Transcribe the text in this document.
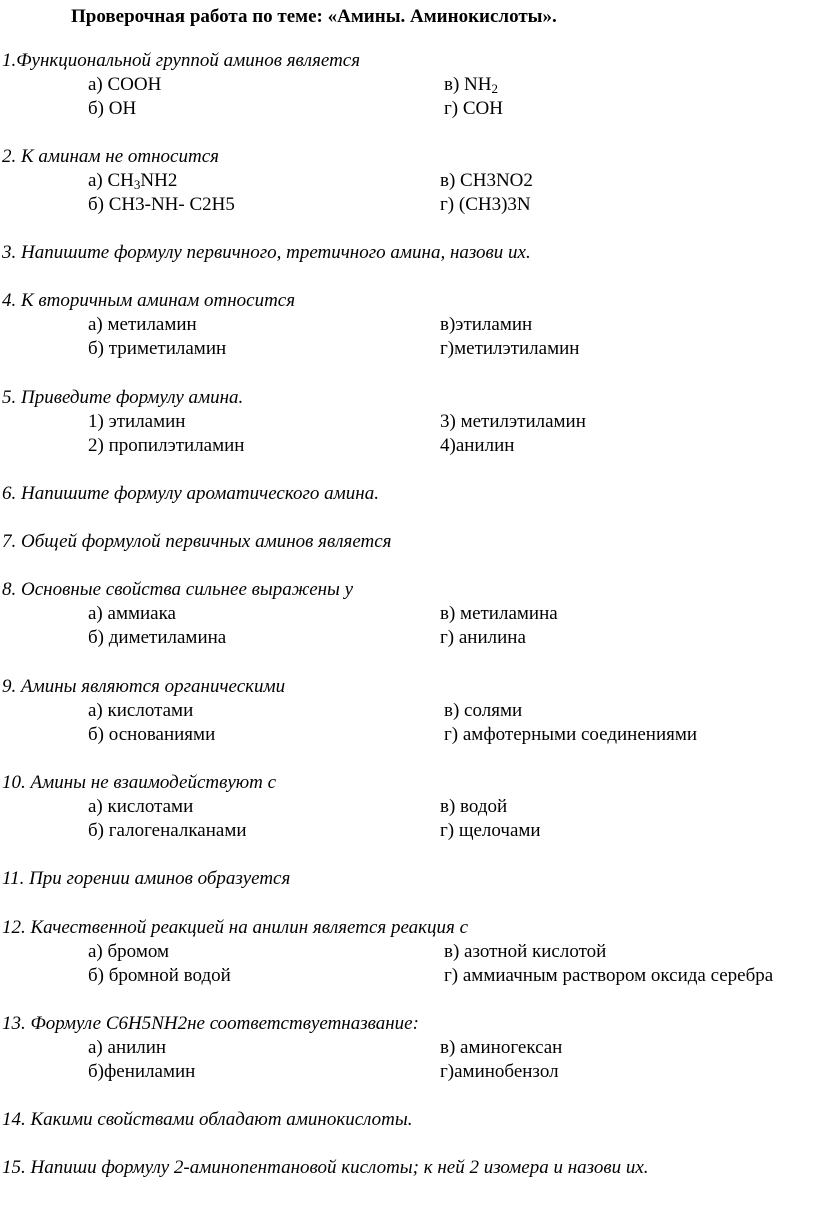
Проверочная работа по теме: «Амины. Аминокислоты».
1.Функциональной группой аминов является
а) COOH	в) $NH_2$
б) OH	г) COH
2. К аминам не относится
а) $CH_3NH2$	в) CH3NO2
б) CH3-NH- C2H5	г) (CH3)3N
3. Напишите формулу первичного, третичного амина, назови их.
4. К вторичным аминам относится
а) метиламин	в)этиламин
б) триметиламин	г)метилэтиламин
5. Приведите формулу амина.
1) этиламин	3) метилэтиламин
2) пропилэтиламин	4)анилин
6. Напишите формулу ароматического амина.
7. Общей формулой первичных аминов является
8. Основные свойства сильнее выражены у
а) аммиака	в) метиламина
б) диметиламина	г) анилина
9. Амины являются органическими
а) кислотами	в) солями
б) основаниями	г) амфотерными соединениями
10. Амины не взаимодействуют с
а) кислотами	в) водой
б) галогеналканами	г) щелочами
11. При горении аминов образуется
12. Качественной реакцией на анилин является реакция с
а) бромом	в) азотной кислотой
б) бромной водой	г) аммиачным раствором оксида серебра
13. Формуле C6H5NH2не соответствуетназвание:
а) анилин	в) аминогексан
б)фениламин	г)аминобензол
14. Какими свойствами обладают аминокислоты.
15. Напиши формулу 2-аминопентановой кислоты; к ней 2 изомера и назови их.
